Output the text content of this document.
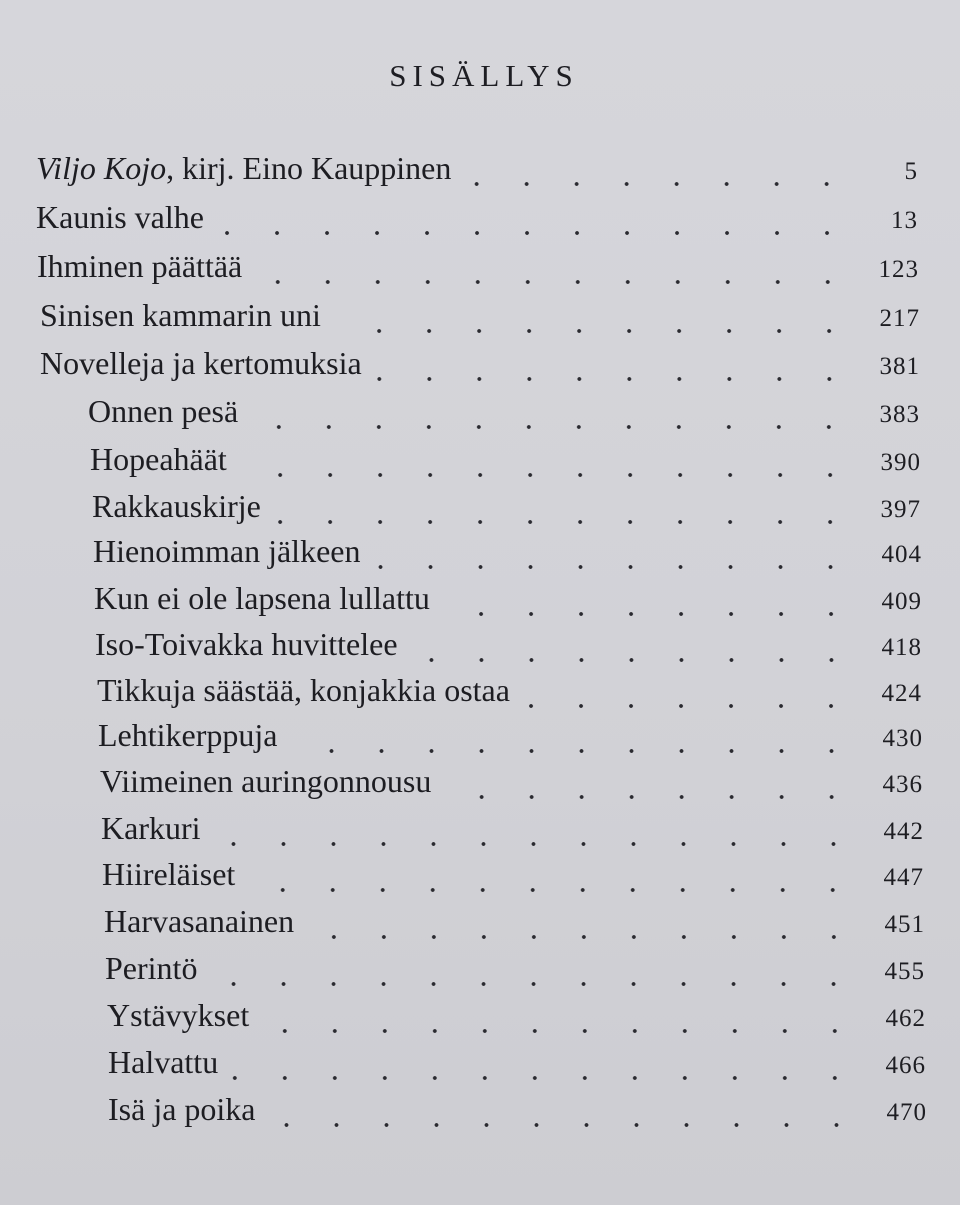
SISÄLLYS
Viljo Kojo, kirj. Eino Kauppinen	5
Kaunis valhe	13
Ihminen päättää	123
Sinisen kammarin uni	217
Novelleja ja kertomuksia	381
Onnen pesä	383
Hopeahäät	390
Rakkauskirje	397
Hienoimman jälkeen	404
Kun ei ole lapsena lullattu	409
Iso-Toivakka huvittelee	418
Tikkuja säästää, konjakkia ostaa	424
Lehtikerppuja	430
Viimeinen auringonnousu	436
Karkuri	442
Hiireläiset	447
Harvasanainen	451
Perintö	455
Ystävykset	462
Halvattu	466
Isä ja poika	470
